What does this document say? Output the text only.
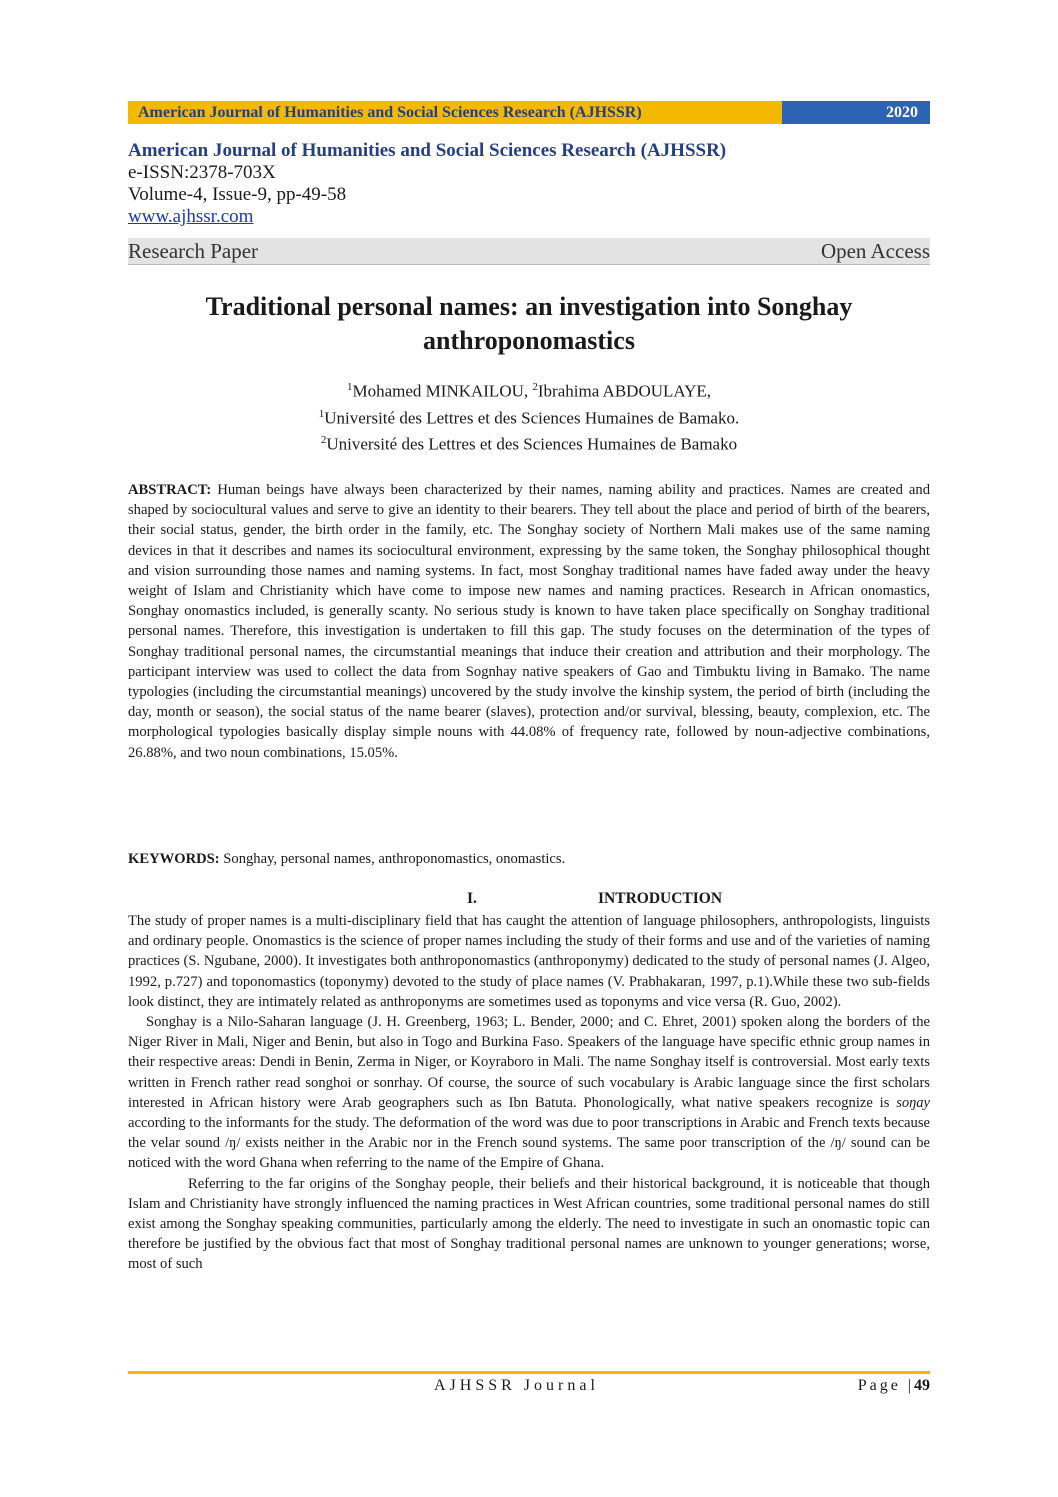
American Journal of Humanities and Social Sciences Research (AJHSSR)	2020
American Journal of Humanities and Social Sciences Research (AJHSSR)
e-ISSN:2378-703X
Volume-4, Issue-9, pp-49-58
www.ajhssr.com
Research Paper	Open Access
Traditional personal names: an investigation into Songhay
anthroponomastics
$^1$Mohamed MINKAILOU, $^2$Ibrahima ABDOULAYE,
$^1$Université des Lettres et des Sciences Humaines de Bamako.
$^2$Université des Lettres et des Sciences Humaines de Bamako
ABSTRACT: Human beings have always been characterized by their names, naming ability and practices. Names are created and shaped by sociocultural values and serve to give an identity to their bearers. They tell about the place and period of birth of the bearers, their social status, gender, the birth order in the family, etc. The Songhay society of Northern Mali makes use of the same naming devices in that it describes and names its sociocultural environment, expressing by the same token, the Songhay philosophical thought and vision surrounding those names and naming systems. In fact, most Songhay traditional names have faded away under the heavy weight of Islam and Christianity which have come to impose new names and naming practices. Research in African onomastics, Songhay onomastics included, is generally scanty. No serious study is known to have taken place specifically on Songhay traditional personal names. Therefore, this investigation is undertaken to fill this gap. The study focuses on the determination of the types of Songhay traditional personal names, the circumstantial meanings that induce their creation and attribution and their morphology. The participant interview was used to collect the data from Sognhay native speakers of Gao and Timbuktu living in Bamako. The name typologies (including the circumstantial meanings) uncovered by the study involve the kinship system, the period of birth (including the day, month or season), the social status of the name bearer (slaves), protection and/or survival, blessing, beauty, complexion, etc. The morphological typologies basically display simple nouns with 44.08% of frequency rate, followed by noun-adjective combinations, 26.88%, and two noun combinations, 15.05%.
KEYWORDS: Songhay, personal names, anthroponomastics, onomastics.
I.	INTRODUCTION

The study of proper names is a multi-disciplinary field that has caught the attention of language philosophers, anthropologists, linguists and ordinary people. Onomastics is the science of proper names including the study of their forms and use and of the varieties of naming practices (S. Ngubane, 2000). It investigates both anthroponomastics (anthroponymy) dedicated to the study of personal names (J. Algeo, 1992, p.727) and toponomastics (toponymy) devoted to the study of place names (V. Prabhakaran, 1997, p.1).While these two sub-fields look distinct, they are intimately related as anthroponyms are sometimes used as toponyms and vice versa (R. Guo, 2002).

Songhay is a Nilo-Saharan language (J. H. Greenberg, 1963; L. Bender, 2000; and C. Ehret, 2001) spoken along the borders of the Niger River in Mali, Niger and Benin, but also in Togo and Burkina Faso. Speakers of the language have specific ethnic group names in their respective areas: Dendi in Benin, Zerma in Niger, or Koyraboro in Mali. The name Songhay itself is controversial. Most early texts written in French rather read songhoi or sonrhay. Of course, the source of such vocabulary is Arabic language since the first scholars interested in African history were Arab geographers such as Ibn Batuta. Phonologically, what native speakers recognize is soŋay according to the informants for the study. The deformation of the word was due to poor transcriptions in Arabic and French texts because the velar sound /ŋ/ exists neither in the Arabic nor in the French sound systems. The same poor transcription of the /ŋ/ sound can be noticed with the word Ghana when referring to the name of the Empire of Ghana.

Referring to the far origins of the Songhay people, their beliefs and their historical background, it is noticeable that though Islam and Christianity have strongly influenced the naming practices in West African countries, some traditional personal names do still exist among the Songhay speaking communities, particularly among the elderly. The need to investigate in such an onomastic topic can therefore be justified by the obvious fact that most of Songhay traditional personal names are unknown to younger generations; worse, most of such

AJHSSR Journal	Page |49
